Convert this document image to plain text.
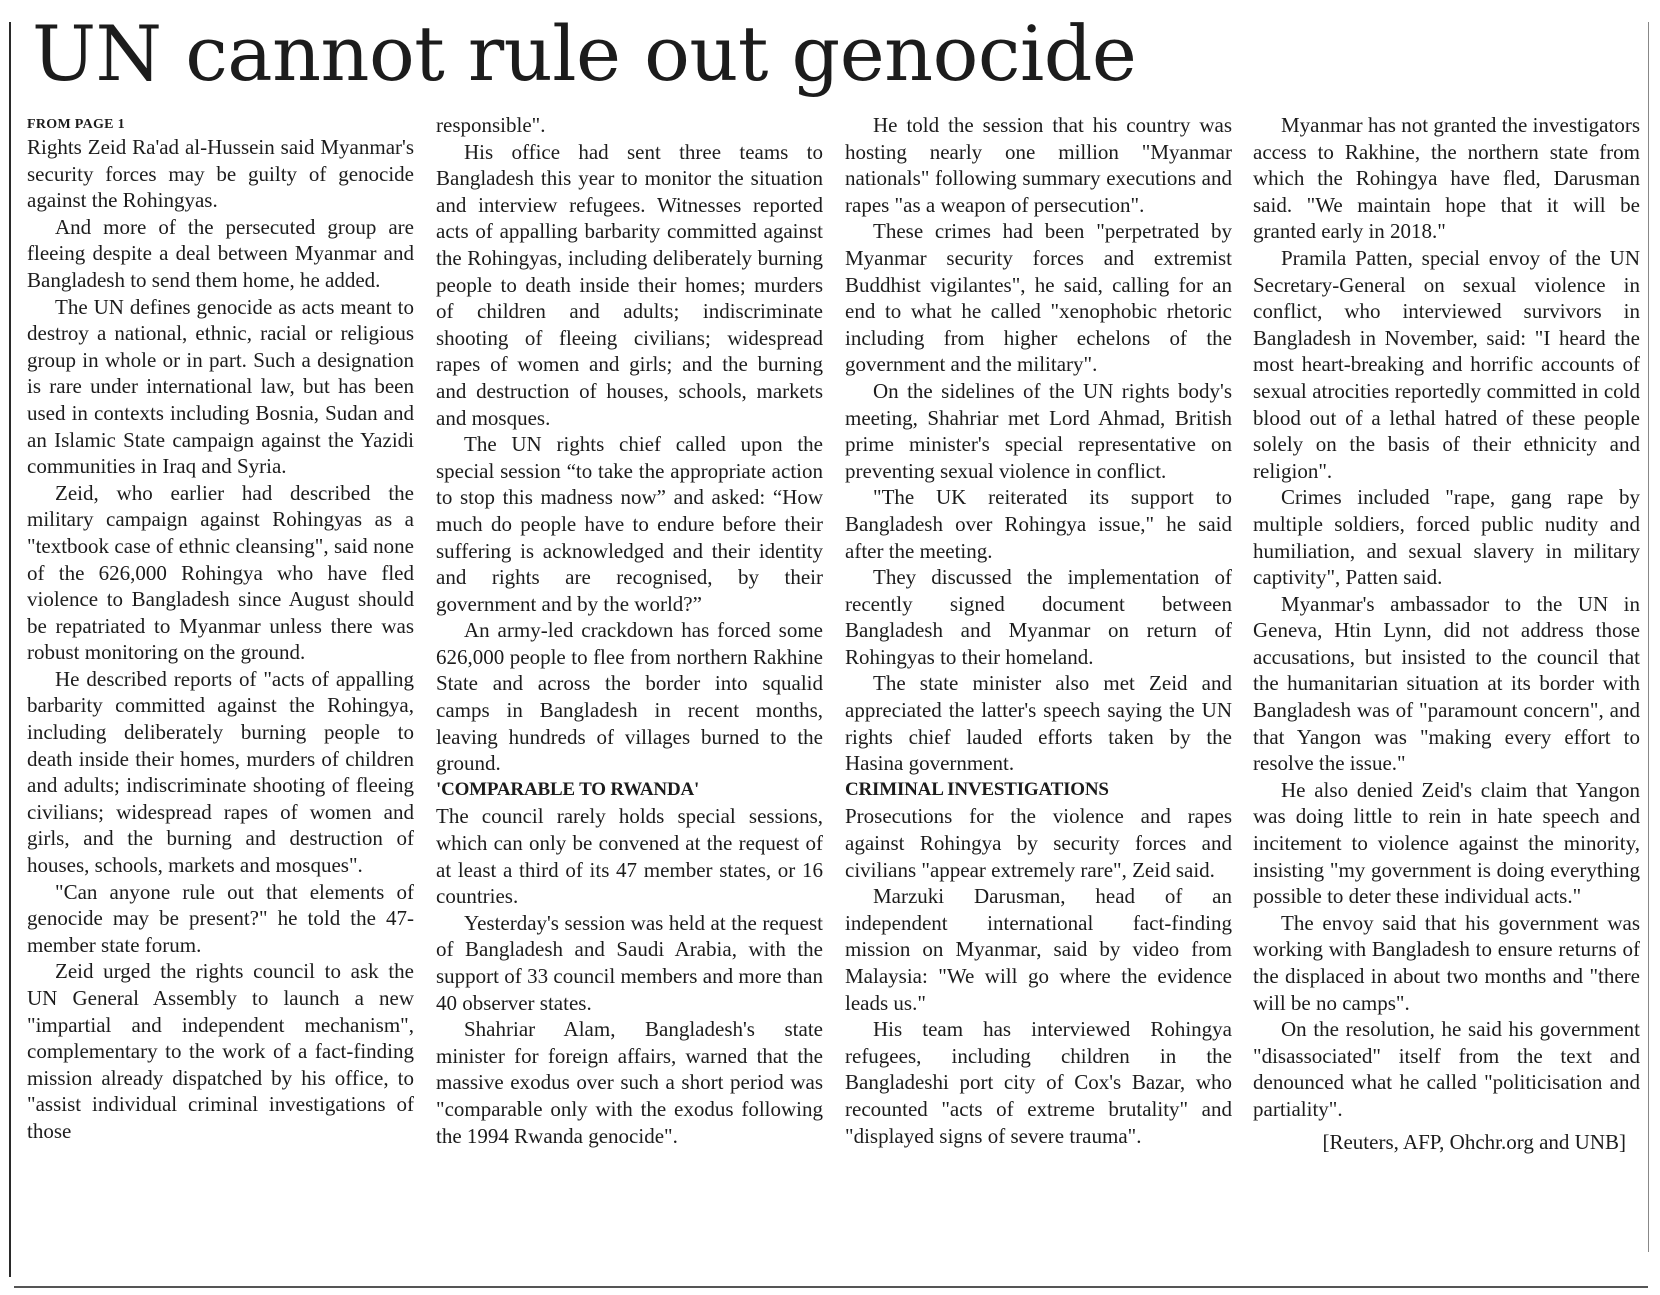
UN cannot rule out genocide
FROM PAGE 1

Rights Zeid Ra'ad al-Hussein said Myanmar's security forces may be guilty of genocide against the Rohingyas.

And more of the persecuted group are fleeing despite a deal between Myanmar and Bangladesh to send them home, he added.

The UN defines genocide as acts meant to destroy a national, ethnic, racial or religious group in whole or in part. Such a designation is rare under international law, but has been used in contexts including Bosnia, Sudan and an Islamic State campaign against the Yazidi communities in Iraq and Syria.

Zeid, who earlier had described the military campaign against Rohingyas as a "textbook case of ethnic cleansing", said none of the 626,000 Rohingya who have fled violence to Bangladesh since August should be repatriated to Myanmar unless there was robust monitoring on the ground.

He described reports of "acts of appalling barbarity committed against the Rohingya, including deliberately burning people to death inside their homes, murders of children and adults; indiscriminate shooting of fleeing civilians; widespread rapes of women and girls, and the burning and destruction of houses, schools, markets and mosques".

"Can anyone rule out that elements of genocide may be present?" he told the 47-member state forum.

Zeid urged the rights council to ask the UN General Assembly to launch a new "impartial and independent mechanism", complementary to the work of a fact-finding mission already dispatched by his office, to "assist individual criminal investigations of those

responsible".

His office had sent three teams to Bangladesh this year to monitor the situation and interview refugees. Witnesses reported acts of appalling barbarity committed against the Rohingyas, including deliberately burning people to death inside their homes; murders of children and adults; indiscriminate shooting of fleeing civilians; widespread rapes of women and girls; and the burning and destruction of houses, schools, markets and mosques.

The UN rights chief called upon the special session “to take the appropriate action to stop this madness now” and asked: “How much do people have to endure before their suffering is acknowledged and their identity and rights are recognised, by their government and by the world?”

An army-led crackdown has forced some 626,000 people to flee from northern Rakhine State and across the border into squalid camps in Bangladesh in recent months, leaving hundreds of villages burned to the ground.

'COMPARABLE TO RWANDA'

The council rarely holds special sessions, which can only be convened at the request of at least a third of its 47 member states, or 16 countries.

Yesterday's session was held at the request of Bangladesh and Saudi Arabia, with the support of 33 council members and more than 40 observer states.

Shahriar Alam, Bangladesh's state minister for foreign affairs, warned that the massive exodus over such a short period was "comparable only with the exodus following the 1994 Rwanda genocide".

He told the session that his country was hosting nearly one million "Myanmar nationals" following summary executions and rapes "as a weapon of persecution".

These crimes had been "perpetrated by Myanmar security forces and extremist Buddhist vigilantes", he said, calling for an end to what he called "xenophobic rhetoric including from higher echelons of the government and the military".

On the sidelines of the UN rights body's meeting, Shahriar met Lord Ahmad, British prime minister's special representative on preventing sexual violence in conflict.

"The UK reiterated its support to Bangladesh over Rohingya issue," he said after the meeting.

They discussed the implementation of recently signed document between Bangladesh and Myanmar on return of Rohingyas to their homeland.

The state minister also met Zeid and appreciated the latter's speech saying the UN rights chief lauded efforts taken by the Hasina government.

CRIMINAL INVESTIGATIONS

Prosecutions for the violence and rapes against Rohingya by security forces and civilians "appear extremely rare", Zeid said.

Marzuki Darusman, head of an independent international fact-finding mission on Myanmar, said by video from Malaysia: "We will go where the evidence leads us."

His team has interviewed Rohingya refugees, including children in the Bangladeshi port city of Cox's Bazar, who recounted "acts of extreme brutality" and "displayed signs of severe trauma".

Myanmar has not granted the investigators access to Rakhine, the northern state from which the Rohingya have fled, Darusman said. "We maintain hope that it will be granted early in 2018."

Pramila Patten, special envoy of the UN Secretary-General on sexual violence in conflict, who interviewed survivors in Bangladesh in November, said: "I heard the most heart-breaking and horrific accounts of sexual atrocities reportedly committed in cold blood out of a lethal hatred of these people solely on the basis of their ethnicity and religion".

Crimes included "rape, gang rape by multiple soldiers, forced public nudity and humiliation, and sexual slavery in military captivity", Patten said.

Myanmar's ambassador to the UN in Geneva, Htin Lynn, did not address those accusations, but insisted to the council that the humanitarian situation at its border with Bangladesh was of "paramount concern", and that Yangon was "making every effort to resolve the issue."

He also denied Zeid's claim that Yangon was doing little to rein in hate speech and incitement to violence against the minority, insisting "my government is doing everything possible to deter these individual acts."

The envoy said that his government was working with Bangladesh to ensure returns of the displaced in about two months and "there will be no camps".

On the resolution, he said his government "disassociated" itself from the text and denounced what he called "politicisation and partiality".

[Reuters, AFP, Ohchr.org and UNB]
